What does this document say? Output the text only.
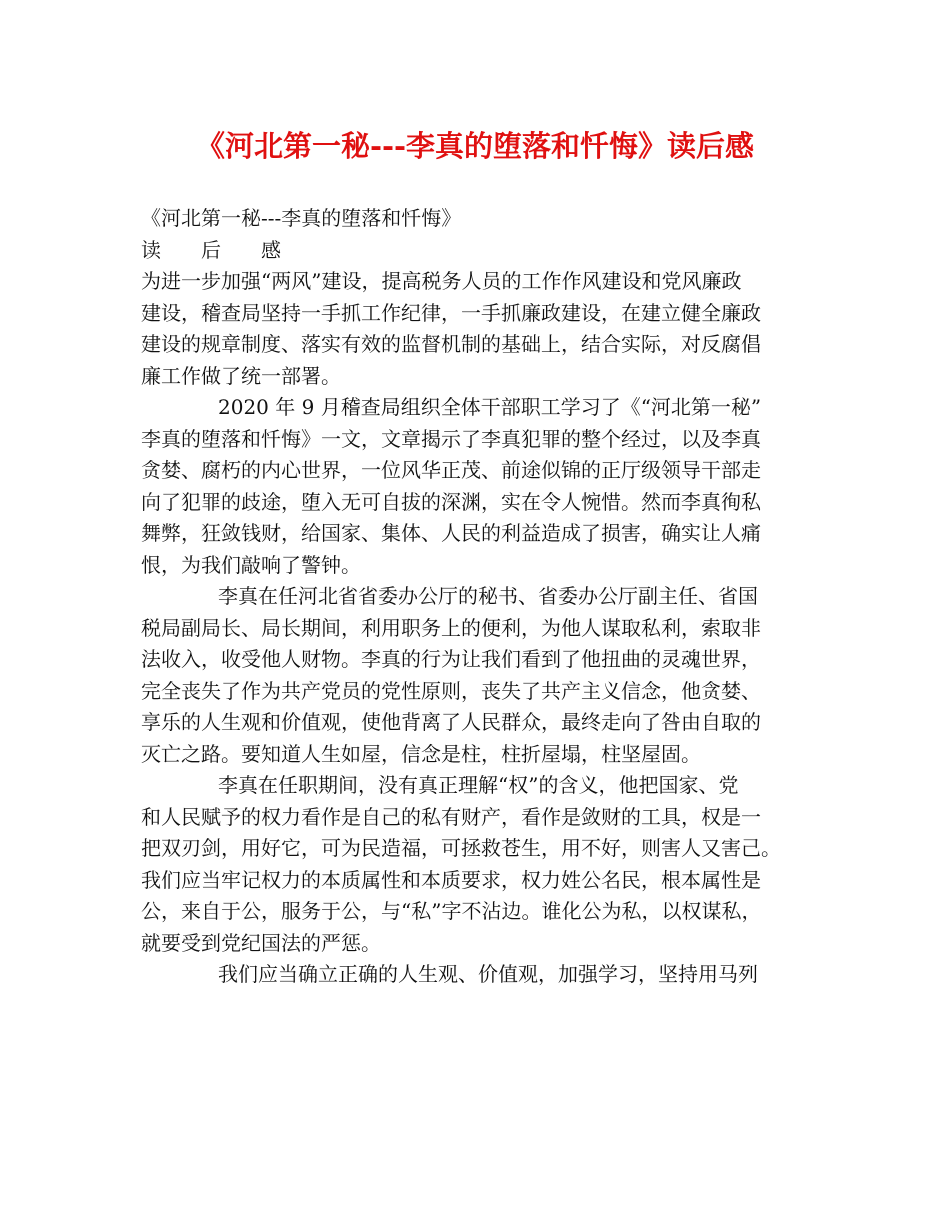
《河北第一秘---李真的堕落和忏悔》读后感
《河北第一秘---李真的堕落和忏悔》
读　　后　　感
为进一步加强“两风”建设，提高税务人员的工作作风建设和党风廉政
建设，稽查局坚持一手抓工作纪律，一手抓廉政建设，在建立健全廉政
建设的规章制度、落实有效的监督机制的基础上，结合实际，对反腐倡
廉工作做了统一部署。
2020 年 9 月稽查局组织全体干部职工学习了《“河北第一秘”
李真的堕落和忏悔》一文，文章揭示了李真犯罪的整个经过，以及李真
贪婪、腐朽的内心世界，一位风华正茂、前途似锦的正厅级领导干部走
向了犯罪的歧途，堕入无可自拔的深渊，实在令人惋惜。然而李真徇私
舞弊，狂敛钱财，给国家、集体、人民的利益造成了损害，确实让人痛
恨，为我们敲响了警钟。
李真在任河北省省委办公厅的秘书、省委办公厅副主任、省国
税局副局长、局长期间，利用职务上的便利，为他人谋取私利，索取非
法收入，收受他人财物。李真的行为让我们看到了他扭曲的灵魂世界，
完全丧失了作为共产党员的党性原则，丧失了共产主义信念，他贪婪、
享乐的人生观和价值观，使他背离了人民群众，最终走向了咎由自取的
灭亡之路。要知道人生如屋，信念是柱，柱折屋塌，柱坚屋固。
李真在任职期间，没有真正理解“权”的含义，他把国家、党
和人民赋予的权力看作是自己的私有财产，看作是敛财的工具，权是一
把双刃剑，用好它，可为民造福，可拯救苍生，用不好，则害人又害己。
我们应当牢记权力的本质属性和本质要求，权力姓公名民，根本属性是
公，来自于公，服务于公，与“私”字不沾边。谁化公为私，以权谋私，
就要受到党纪国法的严惩。
我们应当确立正确的人生观、价值观，加强学习，坚持用马列
